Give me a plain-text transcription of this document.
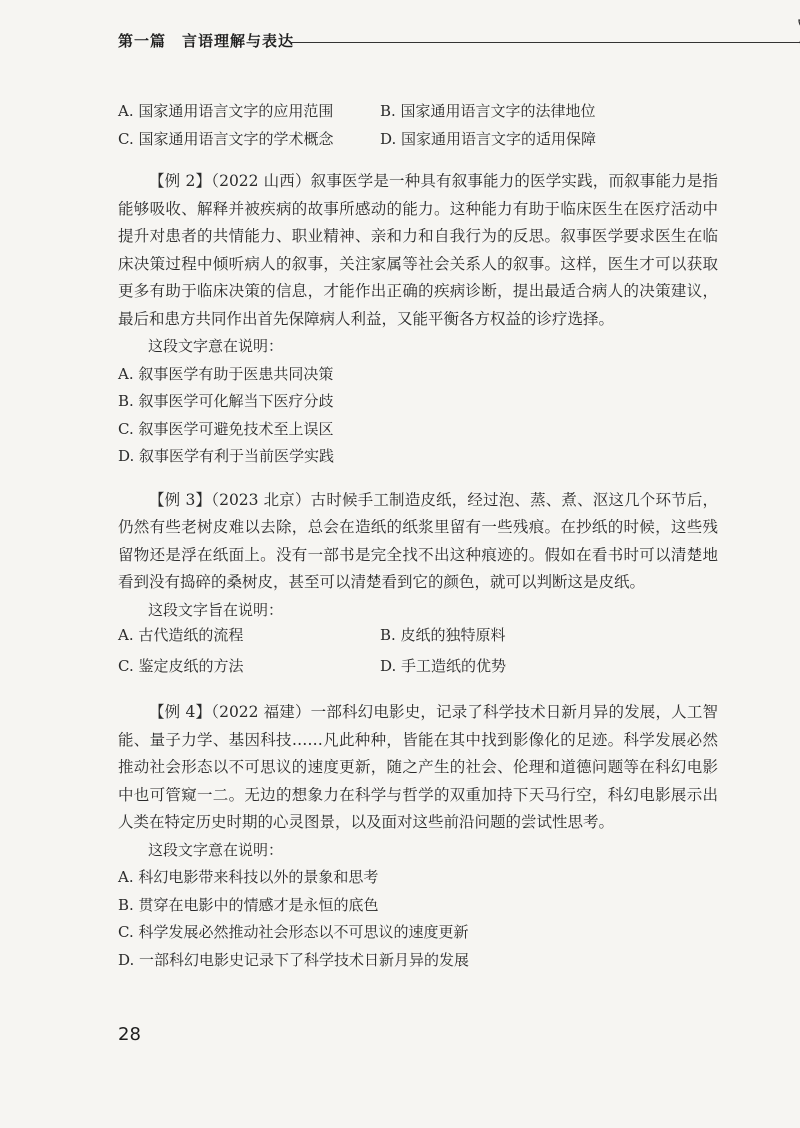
第一篇 言语理解与表达
A. 国家通用语言文字的应用范围	B. 国家通用语言文字的法律地位
C. 国家通用语言文字的学术概念	D. 国家通用语言文字的适用保障

【例 2】（2022 山西）叙事医学是一种具有叙事能力的医学实践，而叙事能力是指能够吸收、解释并被疾病的故事所感动的能力。这种能力有助于临床医生在医疗活动中提升对患者的共情能力、职业精神、亲和力和自我行为的反思。叙事医学要求医生在临床决策过程中倾听病人的叙事，关注家属等社会关系人的叙事。这样，医生才可以获取更多有助于临床决策的信息，才能作出正确的疾病诊断，提出最适合病人的决策建议，最后和患方共同作出首先保障病人利益，又能平衡各方权益的诊疗选择。

这段文字意在说明：

A. 叙事医学有助于医患共同决策
B. 叙事医学可化解当下医疗分歧
C. 叙事医学可避免技术至上误区
D. 叙事医学有利于当前医学实践

【例 3】（2023 北京）古时候手工制造皮纸，经过泡、蒸、煮、沤这几个环节后，仍然有些老树皮难以去除，总会在造纸的纸浆里留有一些残痕。在抄纸的时候，这些残留物还是浮在纸面上。没有一部书是完全找不出这种痕迹的。假如在看书时可以清楚地看到没有捣碎的桑树皮，甚至可以清楚看到它的颜色，就可以判断这是皮纸。

这段文字旨在说明：

A. 古代造纸的流程	B. 皮纸的独特原料
C. 鉴定皮纸的方法	D. 手工造纸的优势

【例 4】（2022 福建）一部科幻电影史，记录了科学技术日新月异的发展，人工智能、量子力学、基因科技……凡此种种，皆能在其中找到影像化的足迹。科学发展必然推动社会形态以不可思议的速度更新，随之产生的社会、伦理和道德问题等在科幻电影中也可管窥一二。无边的想象力在科学与哲学的双重加持下天马行空，科幻电影展示出人类在特定历史时期的心灵图景，以及面对这些前沿问题的尝试性思考。

这段文字意在说明：

A. 科幻电影带来科技以外的景象和思考
B. 贯穿在电影中的情感才是永恒的底色
C. 科学发展必然推动社会形态以不可思议的速度更新
D. 一部科幻电影史记录下了科学技术日新月异的发展
28
